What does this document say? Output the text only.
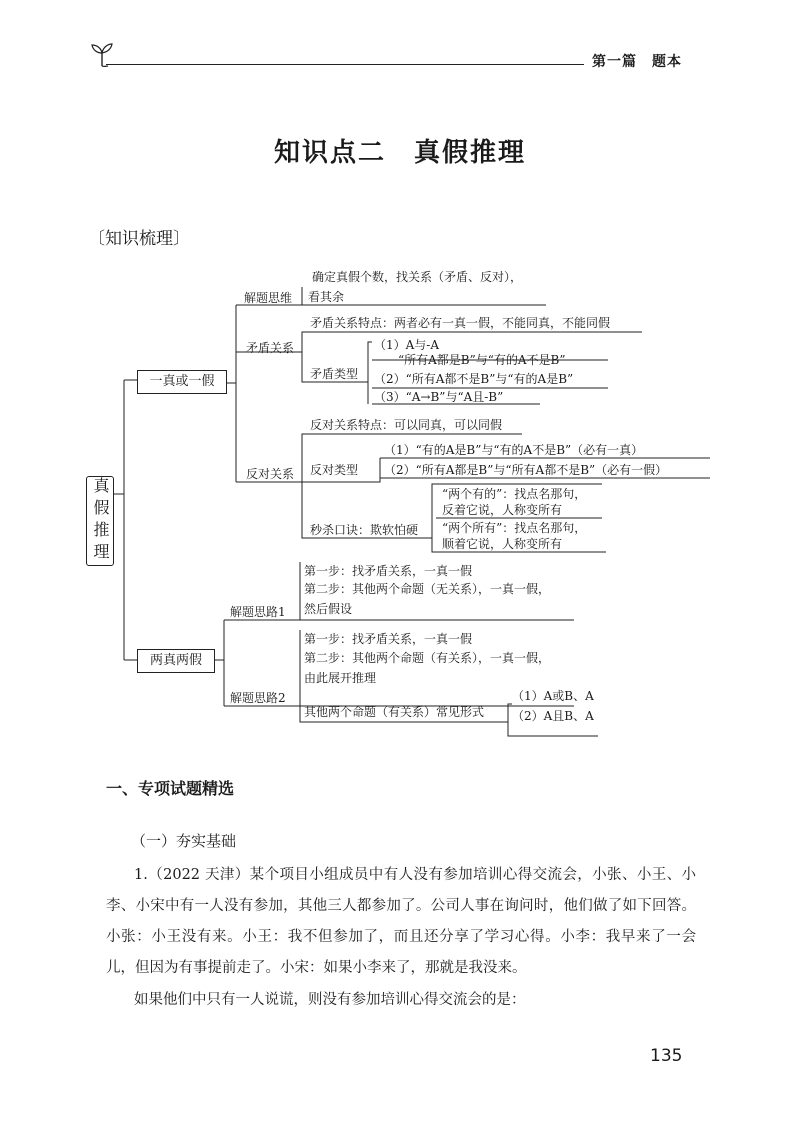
第一篇　题本
知识点二　真假推理
〔知识梳理〕
真假推理
一真或一假
两真两假
确定真假个数，找关系（矛盾、反对），
看其余
解题思维
矛盾关系
矛盾关系特点：两者必有一真一假，不能同真，不能同假
矛盾类型
（1）A与-A
“所有A都是B”与“有的A不是B”
（2）“所有A都不是B”与“有的A是B”
（3）“A→B”与“A且-B”
反对关系特点：可以同真，可以同假
反对关系 反对类型
（1）“有的A是B”与“有的A不是B”（必有一真）
（2）“所有A都是B”与“所有A都不是B”（必有一假）
秒杀口诀：欺软怕硬
“两个有的”：找点名那句，
反着它说，人称变所有
“两个所有”：找点名那句，
顺着它说，人称变所有
解题思路1
第一步：找矛盾关系，一真一假
第二步：其他两个命题（无关系），一真一假，
然后假设
解题思路2
第一步：找矛盾关系，一真一假
第二步：其他两个命题（有关系），一真一假，
由此展开推理
其他两个命题（有关系）常见形式
（1）A或B、A
（2）A且B、A
一、专项试题精选
（一）夯实基础
1.（2022 天津）某个项目小组成员中有人没有参加培训心得交流会，小张、小王、小李、小宋中有一人没有参加，其他三人都参加了。公司人事在询问时，他们做了如下回答。小张：小王没有来。小王：我不但参加了，而且还分享了学习心得。小李：我早来了一会儿，但因为有事提前走了。小宋：如果小李来了，那就是我没来。
如果他们中只有一人说谎，则没有参加培训心得交流会的是：
135
